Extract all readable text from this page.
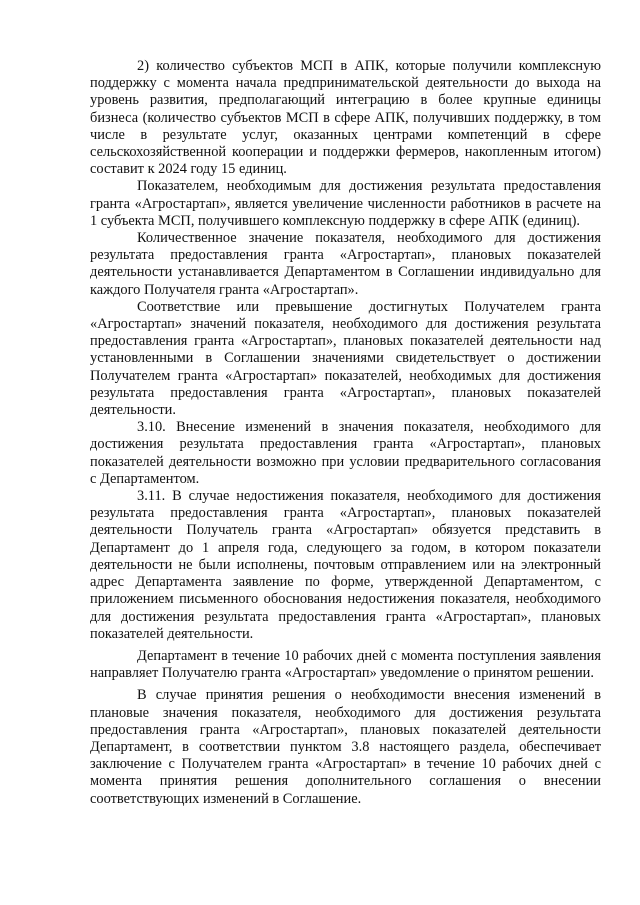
2) количество субъектов МСП в АПК, которые получили комплексную поддержку с момента начала предпринимательской деятельности до выхода на уровень развития, предполагающий интеграцию в более крупные единицы бизнеса (количество субъектов МСП в сфере АПК, получивших поддержку, в том числе в результате услуг, оказанных центрами компетенций в сфере сельскохозяйственной кооперации и поддержки фермеров, накопленным итогом) составит к 2024 году 15 единиц.

Показателем, необходимым для достижения результата предоставления гранта «Агростартап», является увеличение численности работников в расчете на 1 субъекта МСП, получившего комплексную поддержку в сфере АПК (единиц).

Количественное значение показателя, необходимого для достижения результата предоставления гранта «Агростартап», плановых показателей деятельности устанавливается Департаментом в Соглашении индивидуально для каждого Получателя гранта «Агростартап».

Соответствие или превышение достигнутых Получателем гранта «Агростартап» значений показателя, необходимого для достижения результата предоставления гранта «Агростартап», плановых показателей деятельности над установленными в Соглашении значениями свидетельствует о достижении Получателем гранта «Агростартап» показателей, необходимых для достижения результата предоставления гранта «Агростартап», плановых показателей деятельности.

3.10. Внесение изменений в значения показателя, необходимого для достижения результата предоставления гранта «Агростартап», плановых показателей деятельности возможно при условии предварительного согласования с Департаментом.

3.11. В случае недостижения показателя, необходимого для достижения результата предоставления гранта «Агростартап», плановых показателей деятельности Получатель гранта «Агростартап» обязуется представить в Департамент до 1 апреля года, следующего за годом, в котором показатели деятельности не были исполнены, почтовым отправлением или на электронный адрес Департамента заявление по форме, утвержденной Департаментом, с приложением письменного обоснования недостижения показателя, необходимого для достижения результата предоставления гранта «Агростартап», плановых показателей деятельности.

Департамент в течение 10 рабочих дней с момента поступления заявления направляет Получателю гранта «Агростартап» уведомление о принятом решении.

В случае принятия решения о необходимости внесения изменений в плановые значения показателя, необходимого для достижения результата предоставления гранта «Агростартап», плановых показателей деятельности Департамент, в соответствии пунктом 3.8 настоящего раздела, обеспечивает заключение с Получателем гранта «Агростартап» в течение 10 рабочих дней с момента принятия решения дополнительного соглашения о внесении соответствующих изменений в Соглашение.
